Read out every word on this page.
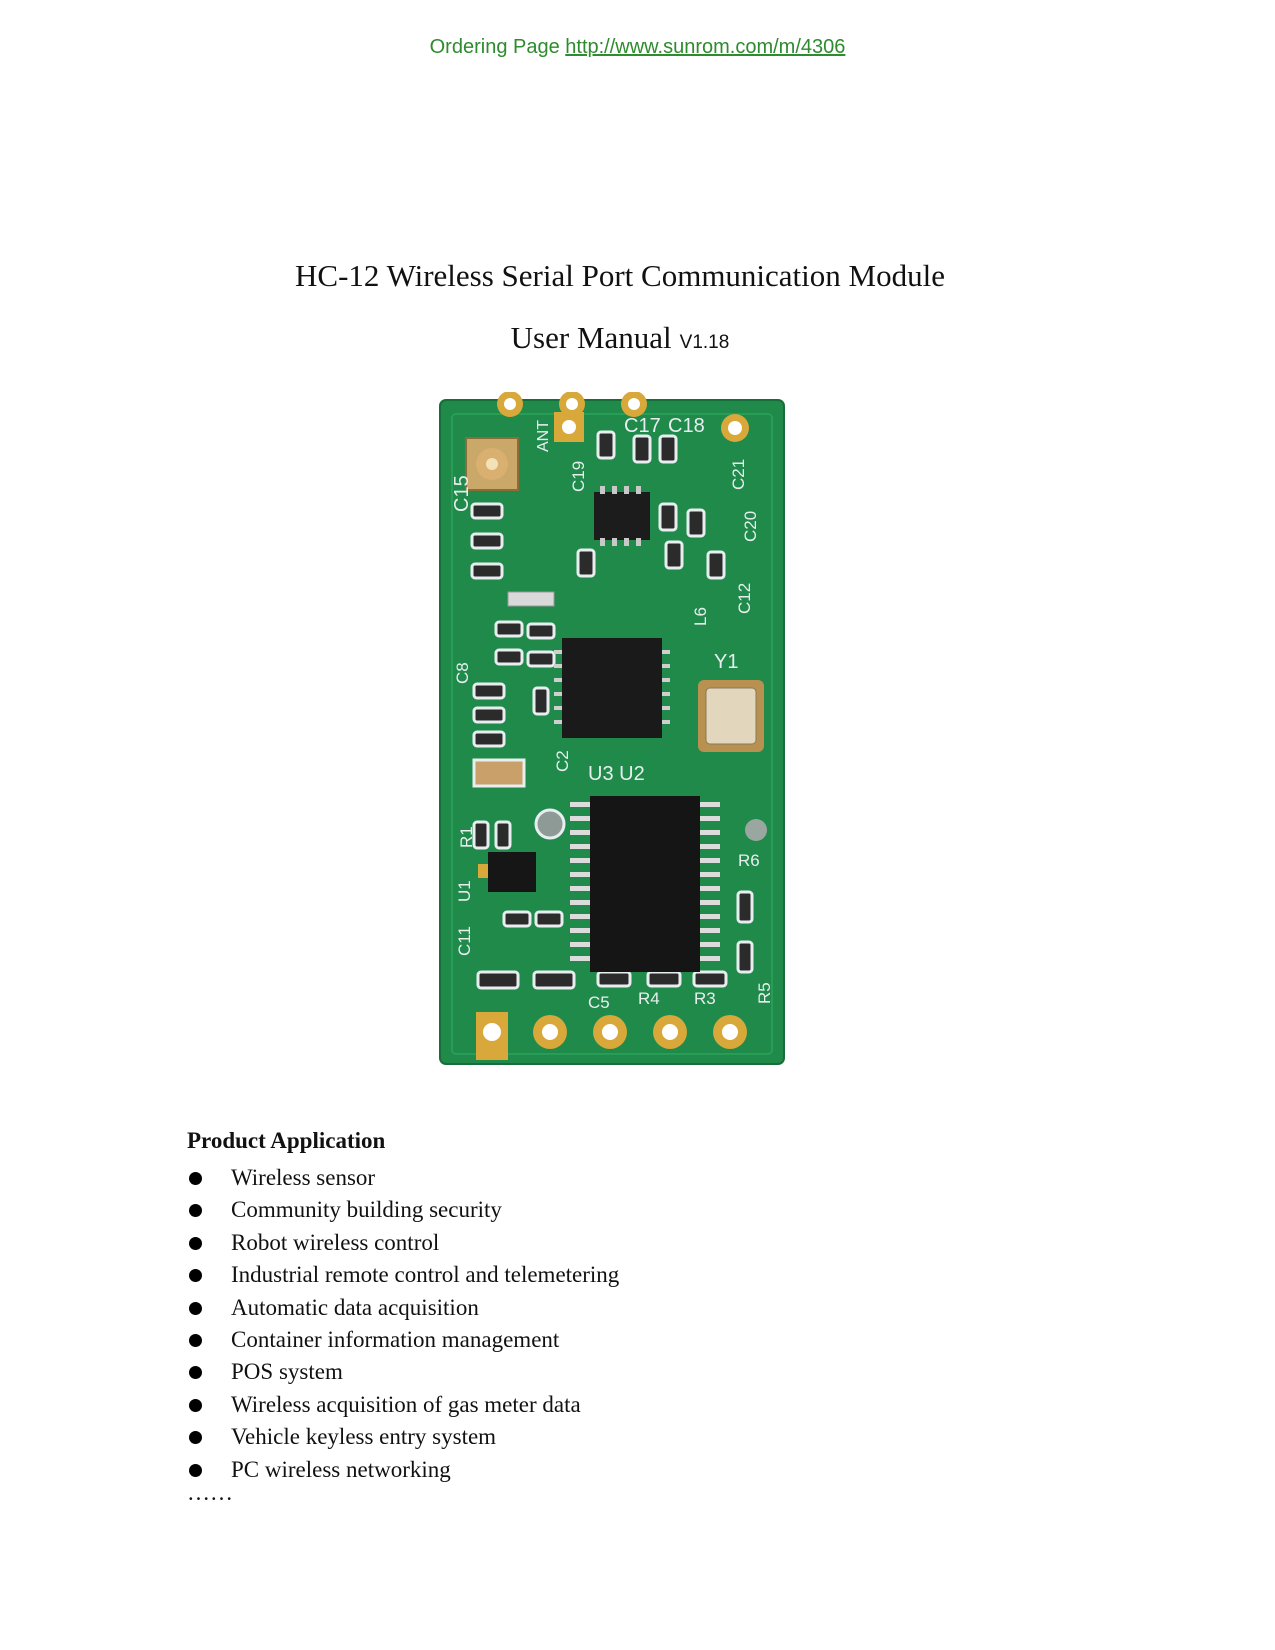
Ordering Page http://www.sunrom.com/m/4306
HC-12 Wireless Serial Port Communication Module
User Manual V1.18
C17 C18
ANT
C15	C19	C21
C20
C12
L6
Y1
C8
C2
U3 U2
R1
U1
C11
R6
C5 R4 R3 R5
Product Application
Wireless sensor
Community building security
Robot wireless control
Industrial remote control and telemetering
Automatic data acquisition
Container information management
POS system
Wireless acquisition of gas meter data
Vehicle keyless entry system
PC wireless networking
……
